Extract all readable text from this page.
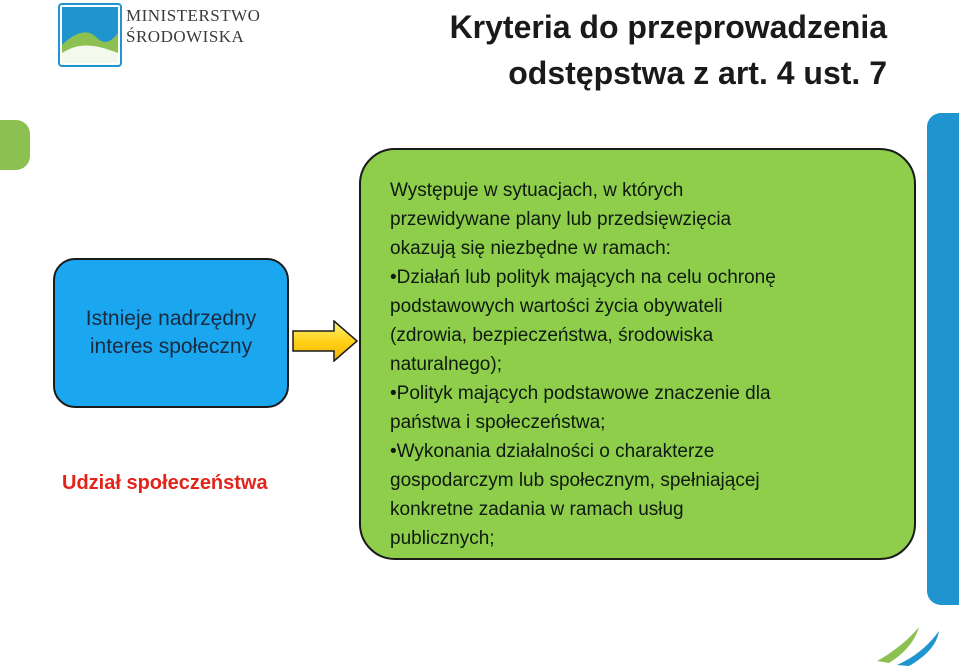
MINISTERSTWO
ŚRODOWISKA	Kryteria do przeprowadzenia
odstępstwa z art. 4 ust. 7
Istnieje nadrzędny
interes społeczny
Udział społeczeństwa
Występuje w sytuacjach, w których
przewidywane plany lub przedsięwzięcia
okazują się niezbędne w ramach:
•Działań lub polityk mających na celu ochronę
podstawowych wartości życia obywateli
(zdrowia, bezpieczeństwa, środowiska
naturalnego);
•Polityk mających podstawowe znaczenie dla
państwa i społeczeństwa;
•Wykonania działalności o charakterze
gospodarczym lub społecznym, spełniającej
konkretne zadania w ramach usług
publicznych;
